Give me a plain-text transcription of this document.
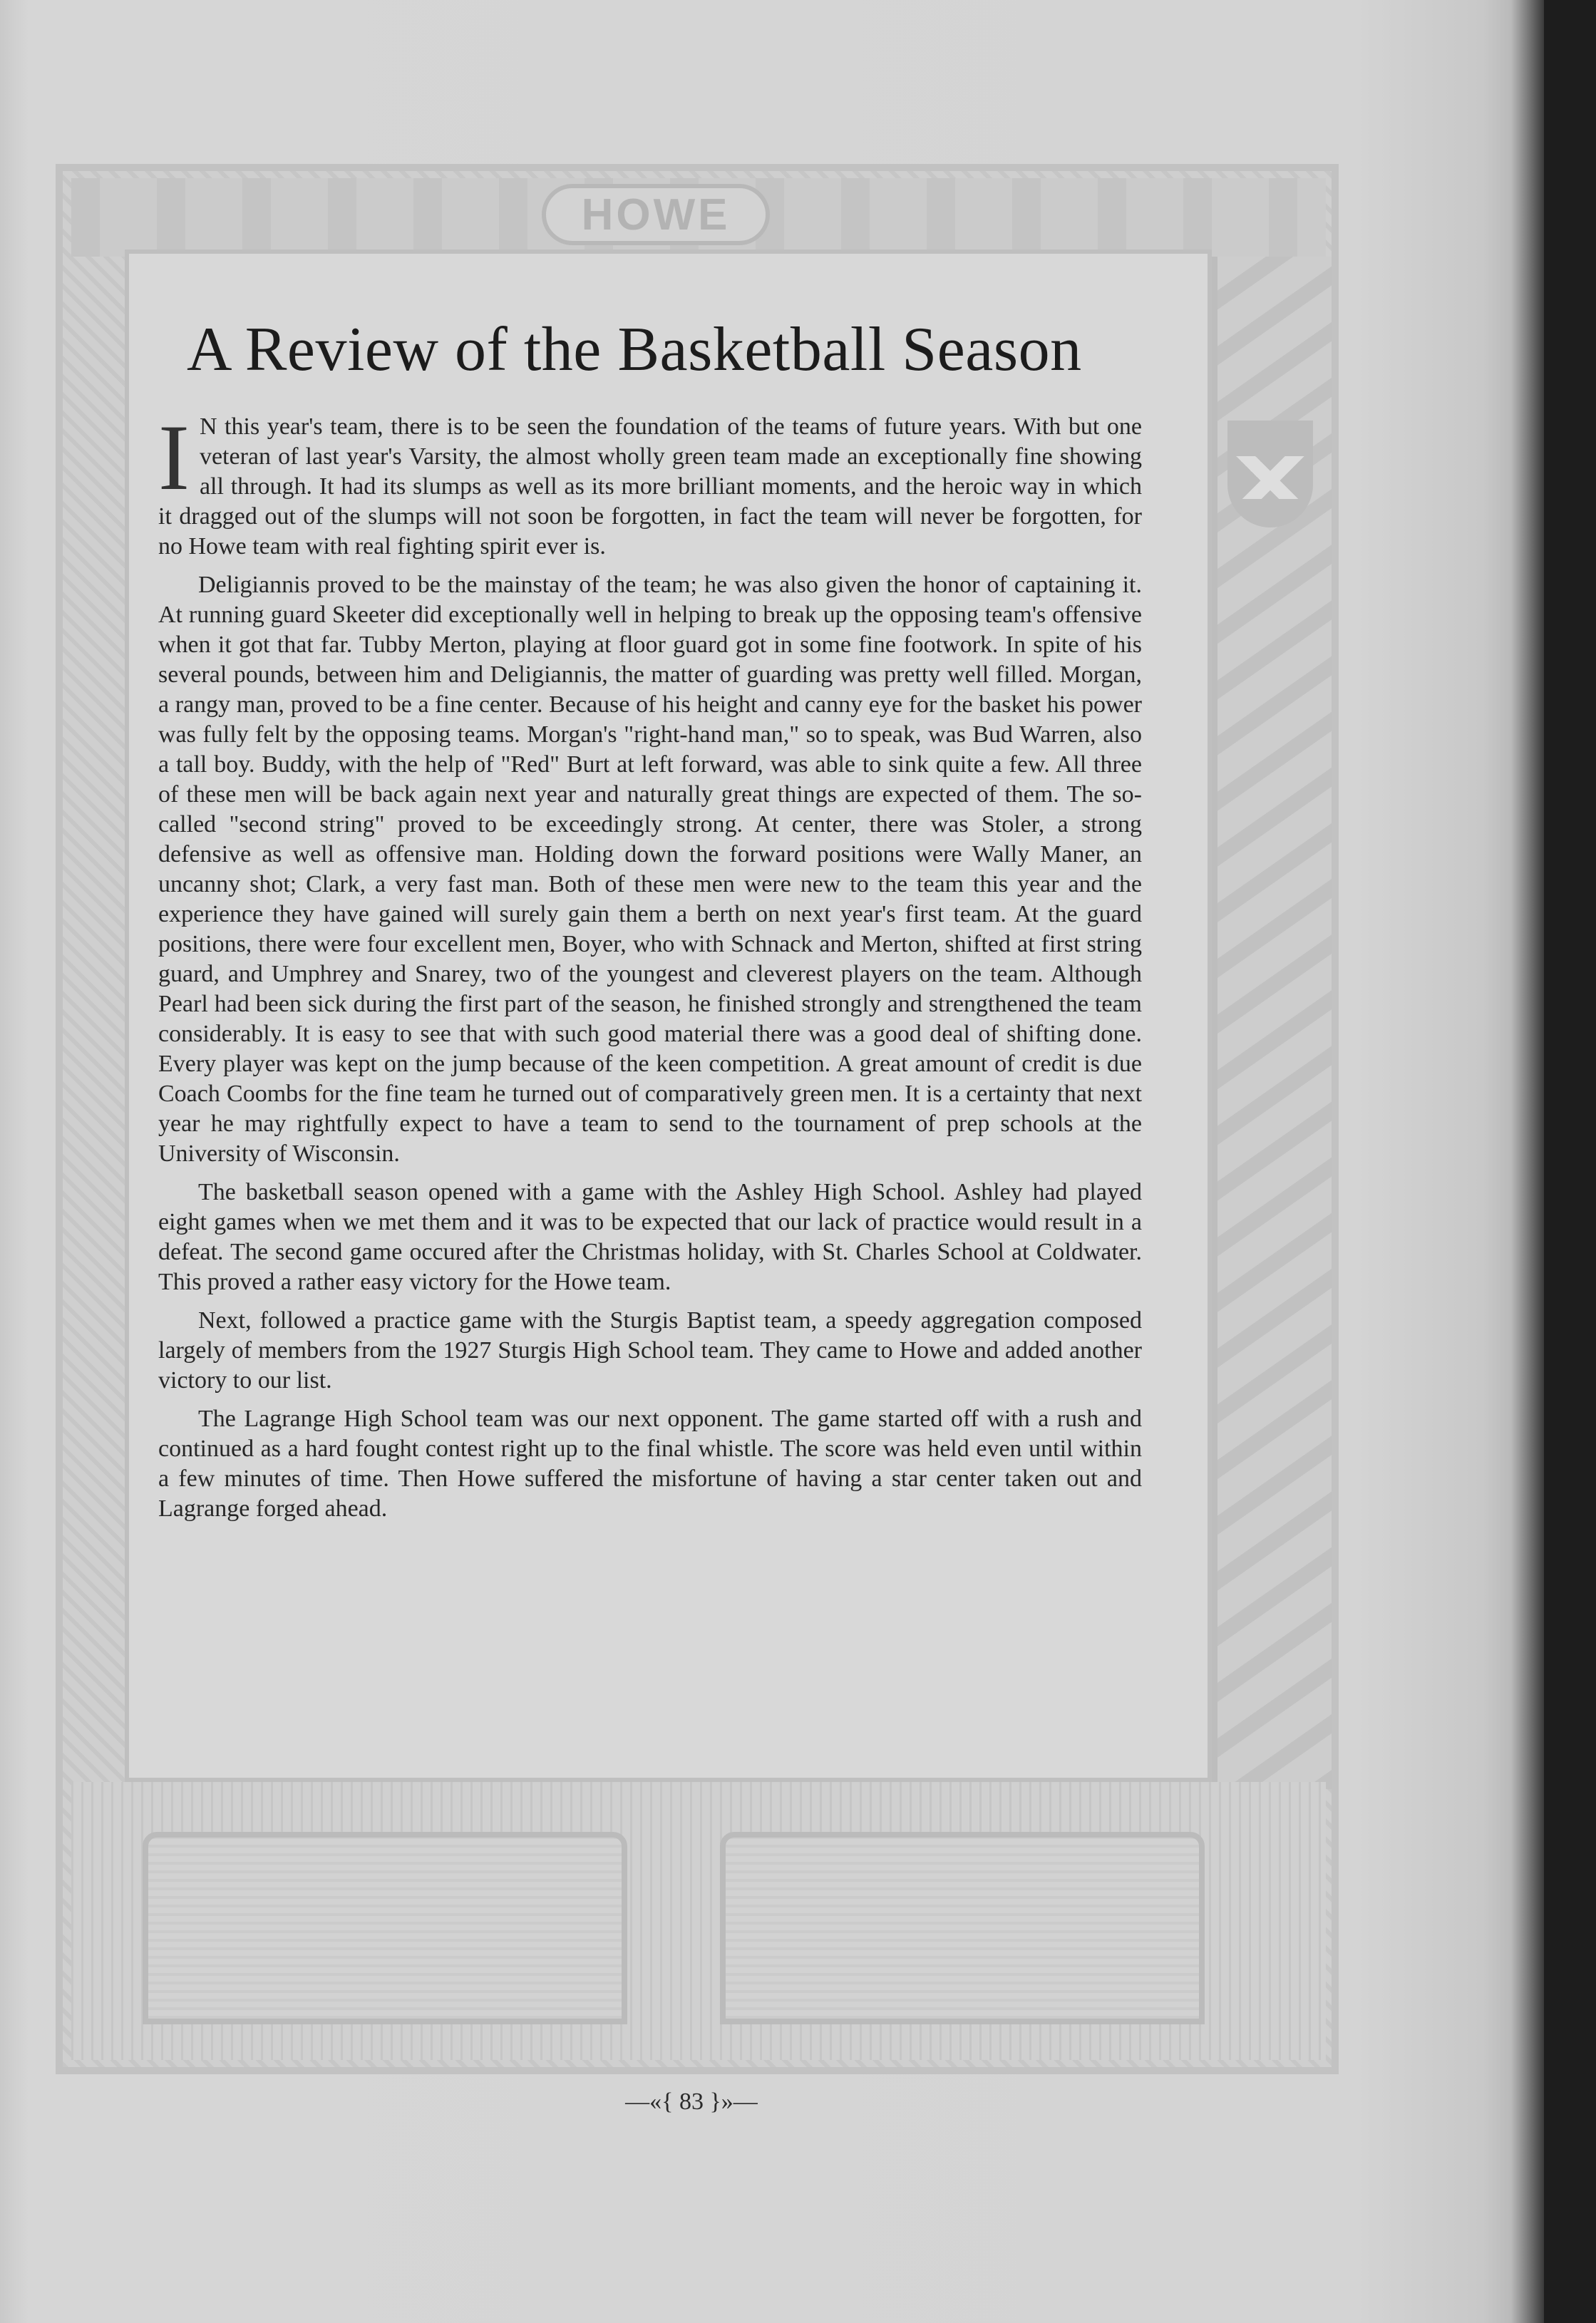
HOWE
A Review of the Basketball Season

I N this year's team, there is to be seen the foundation of the teams of future years. With but one veteran of last year's Varsity, the almost wholly green team made an exceptionally fine showing all through. It had its slumps as well as its more brilliant moments, and the heroic way in which it dragged out of the slumps will not soon be forgotten, in fact the team will never be forgotten, for no Howe team with real fighting spirit ever is.

Deligiannis proved to be the mainstay of the team; he was also given the honor of captaining it. At running guard Skeeter did exceptionally well in helping to break up the opposing team's offensive when it got that far. Tubby Merton, playing at floor guard got in some fine footwork. In spite of his several pounds, between him and Deligiannis, the matter of guarding was pretty well filled. Morgan, a rangy man, proved to be a fine center. Because of his height and canny eye for the basket his power was fully felt by the opposing teams. Morgan's "right-hand man," so to speak, was Bud Warren, also a tall boy. Buddy, with the help of "Red" Burt at left forward, was able to sink quite a few. All three of these men will be back again next year and naturally great things are expected of them. The so-called "second string" proved to be exceedingly strong. At center, there was Stoler, a strong defensive as well as offensive man. Holding down the forward positions were Wally Maner, an uncanny shot; Clark, a very fast man. Both of these men were new to the team this year and the experience they have gained will surely gain them a berth on next year's first team. At the guard positions, there were four excellent men, Boyer, who with Schnack and Merton, shifted at first string guard, and Umphrey and Snarey, two of the youngest and cleverest players on the team. Although Pearl had been sick during the first part of the season, he finished strongly and strengthened the team considerably. It is easy to see that with such good material there was a good deal of shifting done. Every player was kept on the jump because of the keen competition. A great amount of credit is due Coach Coombs for the fine team he turned out of comparatively green men. It is a certainty that next year he may rightfully expect to have a team to send to the tournament of prep schools at the University of Wisconsin.

The basketball season opened with a game with the Ashley High School. Ashley had played eight games when we met them and it was to be expected that our lack of practice would result in a defeat. The second game occured after the Christmas holiday, with St. Charles School at Coldwater. This proved a rather easy victory for the Howe team.

Next, followed a practice game with the Sturgis Baptist team, a speedy aggregation composed largely of members from the 1927 Sturgis High School team. They came to Howe and added another victory to our list.

The Lagrange High School team was our next opponent. The game started off with a rush and continued as a hard fought contest right up to the final whistle. The score was held even until within a few minutes of time. Then Howe suffered the misfortune of having a star center taken out and Lagrange forged ahead.

—«{ 83 }»—
